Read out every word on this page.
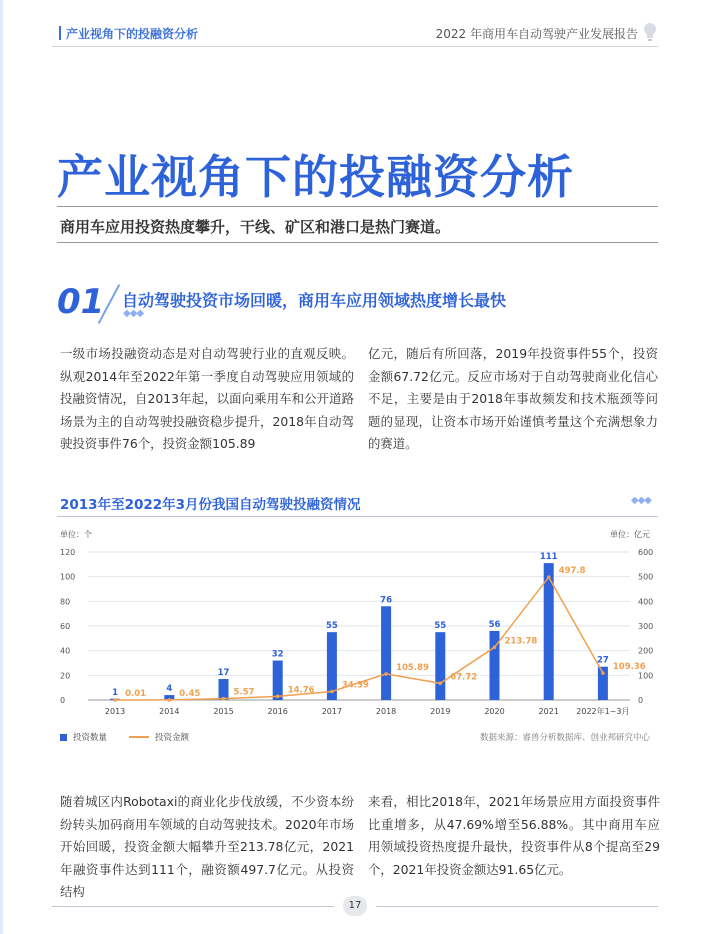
产业视角下的投融资分析	2022 年商用车自动驾驶产业发展报告
产业视角下的投融资分析
商用车应用投资热度攀升，干线、矿区和港口是热门赛道。
01 自动驾驶投资市场回暖，商用车应用领域热度增长最快
◆◆◆
一级市场投融资动态是对自动驾驶行业的直观反映。纵观2014年至2022年第一季度自动驾驶应用领域的投融资情况，自2013年起，以面向乘用车和公开道路场景为主的自动驾驶投融资稳步提升，2018年自动驾驶投资事件76个，投资金额105.89
亿元，随后有所回落，2019年投资事件55个，投资金额67.72亿元。反应市场对于自动驾驶商业化信心不足，主要是由于2018年事故频发和技术瓶颈等问题的显现，让资本市场开始谨慎考量这个充满想象力的赛道。
2013年至2022年3月份我国自动驾驶投融资情况	◆◆◆
单位：个	单位：亿元
0
20
40
60
80
100
120
0
100
200
300
400
500
600
1	4
17
32
55
76
55	56
111
27
0.01	0.45	5.57	14.76	34.39
105.89
67.72
213.78
497.8
109.36
2013	2014	2015	2016	2017	2018	2019	2020	2021 2022年1~3月
投资数量	投资金额	数据来源：睿兽分析数据库、创业邦研究中心
随着城区内Robotaxi的商业化步伐放缓，不少资本纷纷转头加码商用车领域的自动驾驶技术。2020年市场开始回暖，投资金额大幅攀升至213.78亿元，2021年融资事件达到111个，融资额497.7亿元。从投资结构
来看，相比2018年，2021年场景应用方面投资事件比重增多，从47.69%增至56.88%。其中商用车应用领域投资热度提升最快，投资事件从8个提高至29个，2021年投资金额达91.65亿元。
17
